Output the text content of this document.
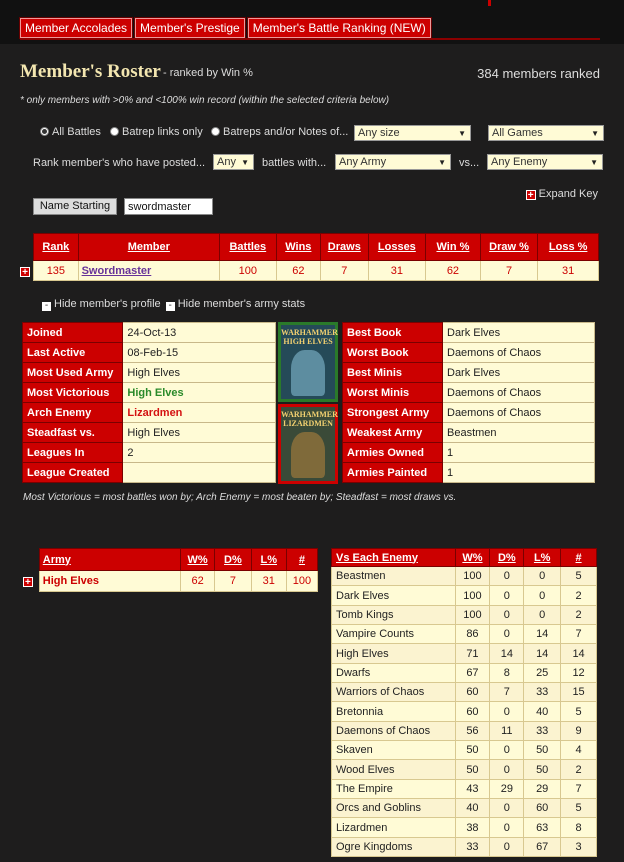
Member Accolades	Member's Prestige	Member's Battle Ranking (NEW)
Member's Roster - ranked by Win %	384 members ranked
* only members with >0% and <100% win record (within the selected criteria below)
All Battles	Batrep links only	Batreps and/or Notes of... Any size	▼	All Games	▼
Rank member's who have posted...	Any ▼ battles with...	Any Army	▼ vs...	Any Enemy	▼
+ Expand Key
Name Starting
swordmaster
	Rank	Member	Battles	Wins	Draws	Losses	Win %	Draw %	Loss %
+	135	Swordmaster	100	62	7	31	62	7	31
- Hide member's profile - Hide member's army stats
Joined	24-Oct-13
Last Active	08-Feb-15
Most Used Army	High Elves
Most Victorious	High Elves
Arch Enemy	Lizardmen
Steadfast vs.	High Elves
Leagues In	2
League Created	
WARHAMMER HIGH ELVES
WARHAMMER LIZARDMEN
Best Book	Dark Elves
Worst Book	Daemons of Chaos
Best Minis	Dark Elves
Worst Minis	Daemons of Chaos
Strongest Army	Daemons of Chaos
Weakest Army	Beastmen
Armies Owned	1
Armies Painted	1
Most Victorious = most battles won by; Arch Enemy = most beaten by; Steadfast = most draws vs.
	Army	W%	D%	L%	#
+	High Elves	62	7	31	100
Vs Each Enemy	W%	D%	L%	#
Beastmen	100	0	0	5
Dark Elves	100	0	0	2
Tomb Kings	100	0	0	2
Vampire Counts	86	0	14	7
High Elves	71	14	14	14
Dwarfs	67	8	25	12
Warriors of Chaos	60	7	33	15
Bretonnia	60	0	40	5
Daemons of Chaos	56	11	33	9
Skaven	50	0	50	4
Wood Elves	50	0	50	2
The Empire	43	29	29	7
Orcs and Goblins	40	0	60	5
Lizardmen	38	0	63	8
Ogre Kingdoms	33	0	67	3
